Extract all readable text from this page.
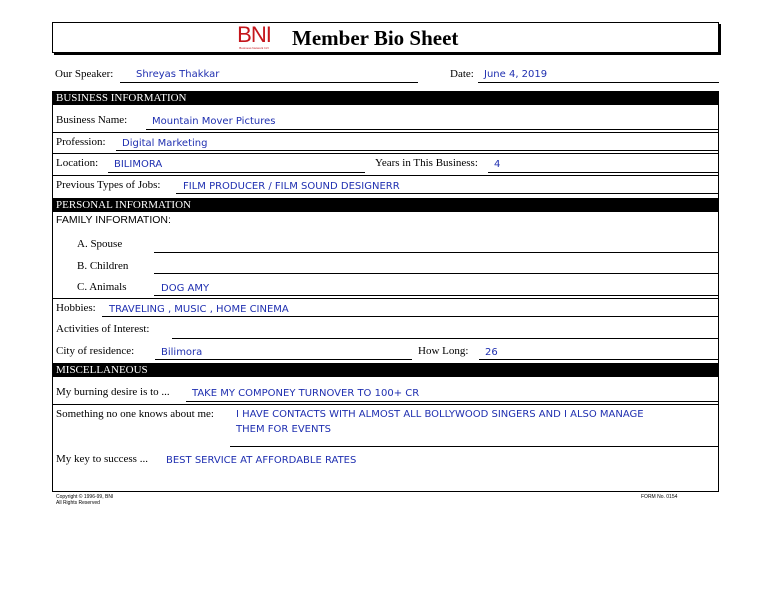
BNI
Business Network Int'l Member Bio Sheet
Our Speaker: Shreyas Thakkar	Date: June 4, 2019
BUSINESS INFORMATION
Business Name: Mountain Mover Pictures
Profession: Digital Marketing
Location: BILIMORA	Years in This Business: 4
Previous Types of Jobs: FILM PRODUCER / FILM SOUND DESIGNERR
PERSONAL INFORMATION
FAMILY INFORMATION:
A. Spouse
B. Children
C. Animals	DOG AMY
Hobbies: TRAVELING , MUSIC , HOME CINEMA
Activities of Interest:
City of residence:	Bilimora	How Long: 26
MISCELLANEOUS
My burning desire is to ... TAKE MY COMPONEY TURNOVER TO 100+ CR
Something no one knows about me: I HAVE CONTACTS WITH ALMOST ALL BOLLYWOOD SINGERS AND I ALSO MANAGE
THEM FOR EVENTS
My key to success ... BEST SERVICE AT AFFORDABLE RATES
Copyright © 1996-99, BNI
All Rights Reserved
FORM No. 0154
